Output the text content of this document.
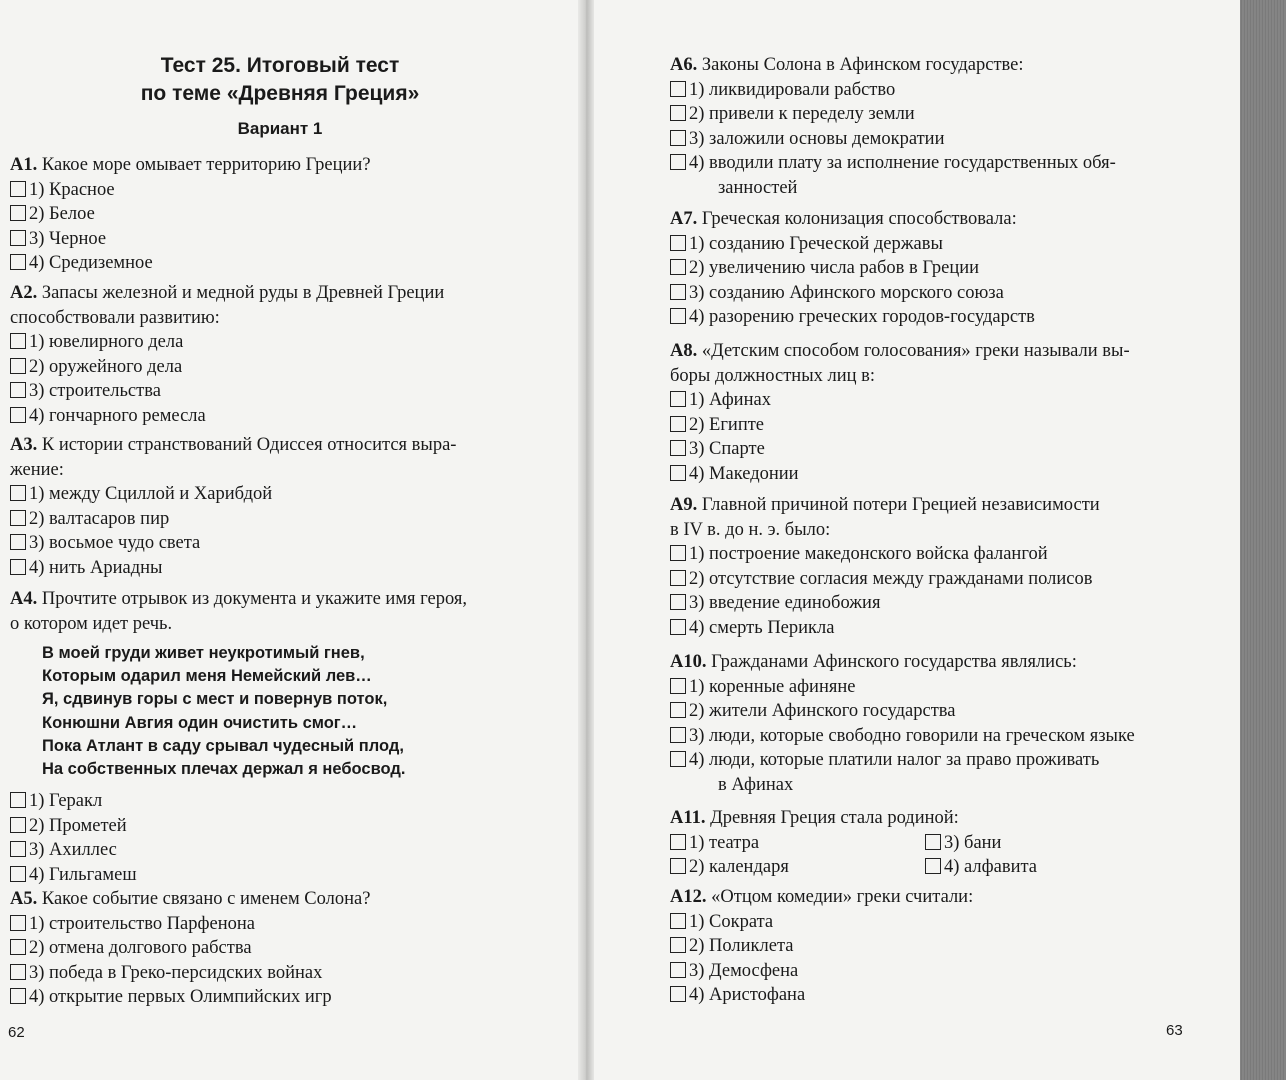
Тест 25. Итоговый тест
по теме «Древняя Греция»
Вариант 1

А1. Какое море омывает территорию Греции?

1) Красное

2) Белое

3) Черное

4) Средиземное

А2. Запасы железной и медной руды в Древней Греции

способствовали развитию:

1) ювелирного дела

2) оружейного дела

3) строительства

4) гончарного ремесла

А3. К истории странствований Одиссея относится выра-

жение:

1) между Сциллой и Харибдой

2) валтасаров пир

3) восьмое чудо света

4) нить Ариадны

А4. Прочтите отрывок из документа и укажите имя героя,

о котором идет речь.

В моей груди живет неукротимый гнев,
Которым одарил меня Немейский лев…
Я, сдвинув горы с мест и повернув поток,
Конюшни Авгия один очистить смог…
Пока Атлант в саду срывал чудесный плод,
На собственных плечах держал я небосвод.

1) Геракл

2) Прометей

3) Ахиллес

4) Гильгамеш

А5. Какое событие связано с именем Солона?

1) строительство Парфенона

2) отмена долгового рабства

3) победа в Греко-персидских войнах

4) открытие первых Олимпийских игр

62

А6. Законы Солона в Афинском государстве:

1) ликвидировали рабство

2) привели к переделу земли

3) заложили основы демократии

4) вводили плату за исполнение государственных обя-

занностей

А7. Греческая колонизация способствовала:

1) созданию Греческой державы

2) увеличению числа рабов в Греции

3) созданию Афинского морского союза

4) разорению греческих городов-государств

А8. «Детским способом голосования» греки называли вы-

боры должностных лиц в:

1) Афинах

2) Египте

3) Спарте

4) Македонии

А9. Главной причиной потери Грецией независимости

в IV в. до н. э. было:

1) построение македонского войска фалангой

2) отсутствие согласия между гражданами полисов

3) введение единобожия

4) смерть Перикла

А10. Гражданами Афинского государства являлись:

1) коренные афиняне

2) жители Афинского государства

3) люди, которые свободно говорили на греческом языке

4) люди, которые платили налог за право проживать

в Афинах

А11. Древняя Греция стала родиной:

1) театра

2) календаря

3) бани

4) алфавита

А12. «Отцом комедии» греки считали:

1) Сократа

2) Поликлета

3) Демосфена

4) Аристофана

63
